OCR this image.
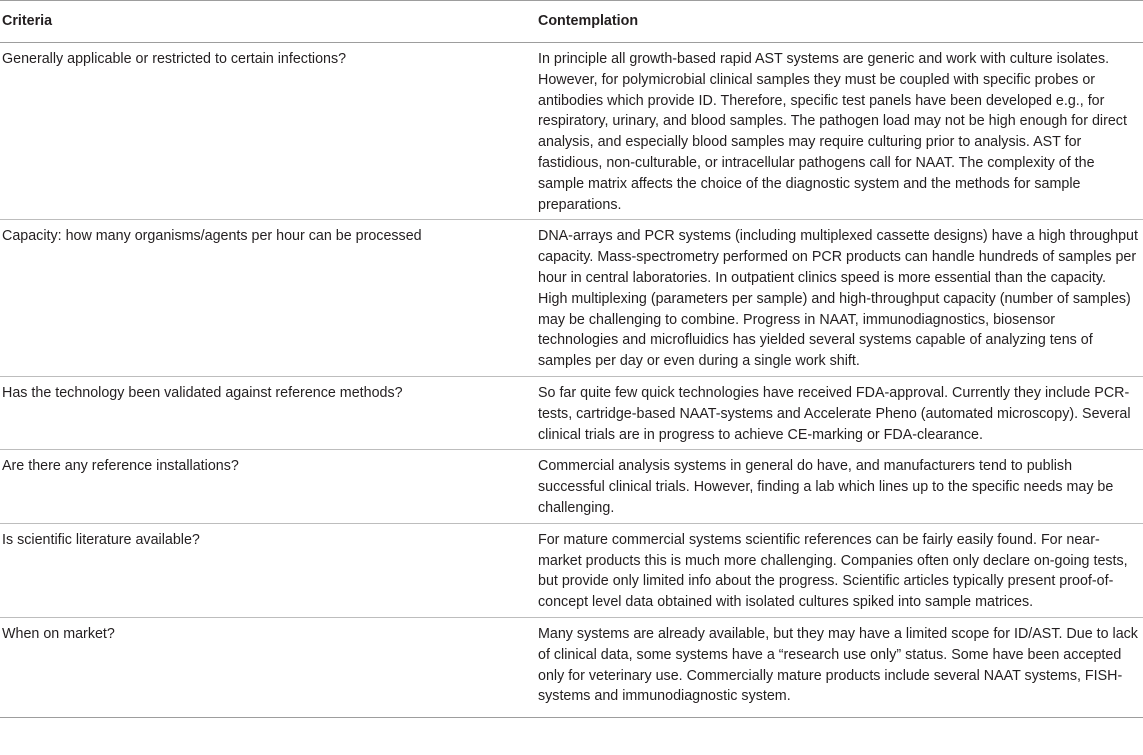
Criteria	Contemplation
Generally applicable or restricted to certain infections?	In principle all growth-based rapid AST systems are generic and work with culture isolates. However, for polymicrobial clinical samples they must be coupled with specific probes or antibodies which provide ID. Therefore, specific test panels have been developed e.g., for respiratory, urinary, and blood samples. The pathogen load may not be high enough for direct analysis, and especially blood samples may require culturing prior to analysis. AST for fastidious, non-culturable, or intracellular pathogens call for NAAT. The complexity of the sample matrix affects the choice of the diagnostic system and the methods for sample preparations.
Capacity: how many organisms/agents per hour can be processed	DNA-arrays and PCR systems (including multiplexed cassette designs) have a high throughput capacity. Mass-spectrometry performed on PCR products can handle hundreds of samples per hour in central laboratories. In outpatient clinics speed is more essential than the capacity. High multiplexing (parameters per sample) and high-throughput capacity (number of samples) may be challenging to combine. Progress in NAAT, immunodiagnostics, biosensor technologies and microfluidics has yielded several systems capable of analyzing tens of samples per day or even during a single work shift.
Has the technology been validated against reference methods?	So far quite few quick technologies have received FDA-approval. Currently they include PCR-tests, cartridge-based NAAT-systems and Accelerate Pheno (automated microscopy). Several clinical trials are in progress to achieve CE-marking or FDA-clearance.
Are there any reference installations?	Commercial analysis systems in general do have, and manufacturers tend to publish successful clinical trials. However, finding a lab which lines up to the specific needs may be challenging.
Is scientific literature available?	For mature commercial systems scientific references can be fairly easily found. For near-market products this is much more challenging. Companies often only declare on-going tests, but provide only limited info about the progress. Scientific articles typically present proof-of-concept level data obtained with isolated cultures spiked into sample matrices.
When on market?	Many systems are already available, but they may have a limited scope for ID/AST. Due to lack of clinical data, some systems have a “research use only” status. Some have been accepted only for veterinary use. Commercially mature products include several NAAT systems, FISH-systems and immunodiagnostic system.
